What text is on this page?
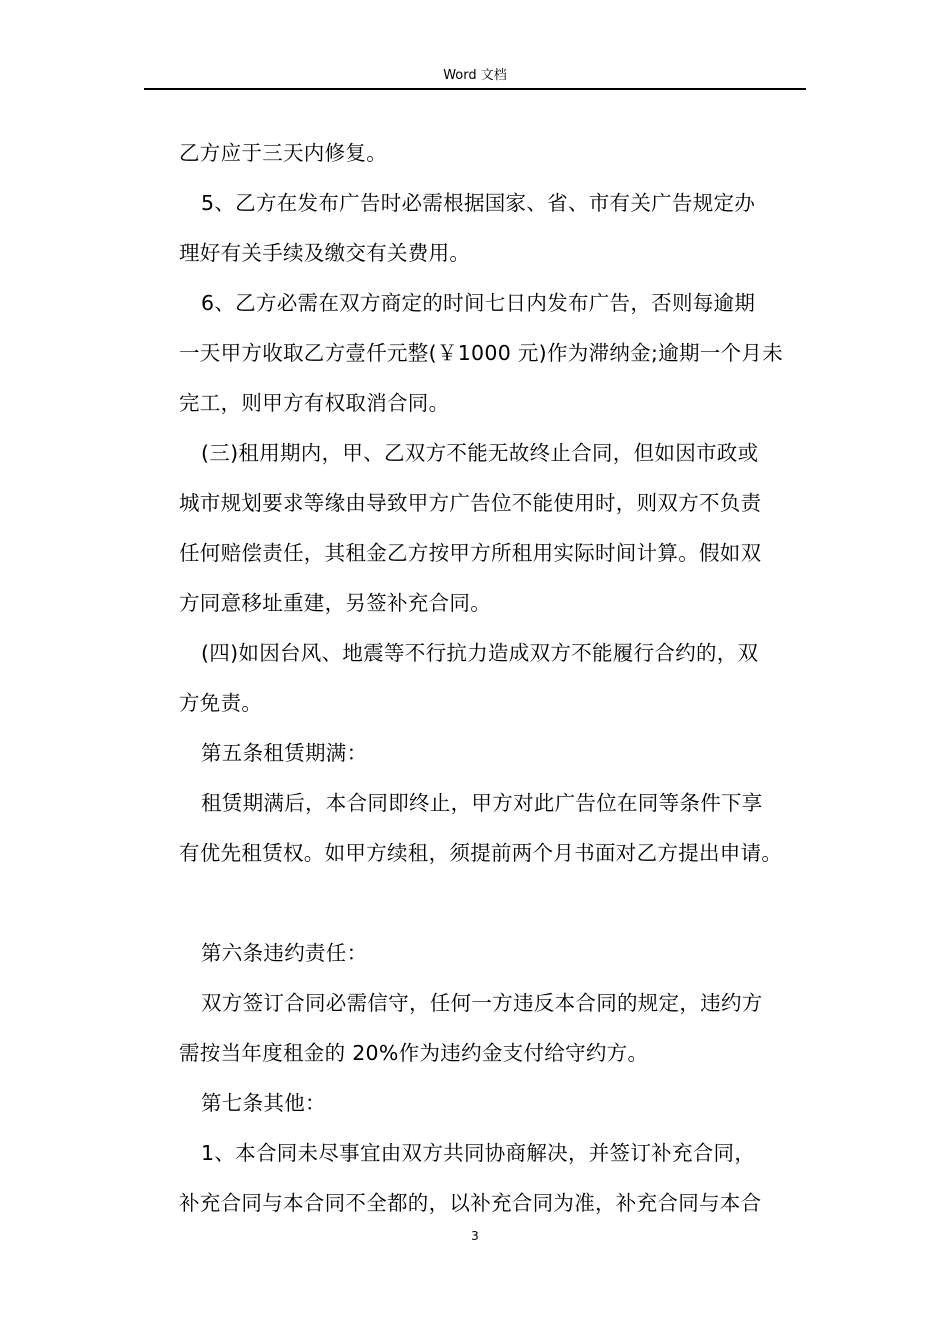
Word 文档
乙方应于三天内修复。
5、乙方在发布广告时必需根据国家、省、市有关广告规定办
理好有关手续及缴交有关费用。
6、乙方必需在双方商定的时间七日内发布广告，否则每逾期
一天甲方收取乙方壹仟元整(￥1000 元)作为滞纳金;逾期一个月未
完工，则甲方有权取消合同。
(三)租用期内，甲、乙双方不能无故终止合同，但如因市政或
城市规划要求等缘由导致甲方广告位不能使用时，则双方不负责
任何赔偿责任，其租金乙方按甲方所租用实际时间计算。假如双
方同意移址重建，另签补充合同。
(四)如因台风、地震等不行抗力造成双方不能履行合约的，双
方免责。
第五条租赁期满：
租赁期满后，本合同即终止，甲方对此广告位在同等条件下享
有优先租赁权。如甲方续租，须提前两个月书面对乙方提出申请。
第六条违约责任：
双方签订合同必需信守，任何一方违反本合同的规定，违约方
需按当年度租金的 20%作为违约金支付给守约方。
第七条其他：
1、本合同未尽事宜由双方共同协商解决，并签订补充合同，
补充合同与本合同不全都的，以补充合同为准，补充合同与本合
3
